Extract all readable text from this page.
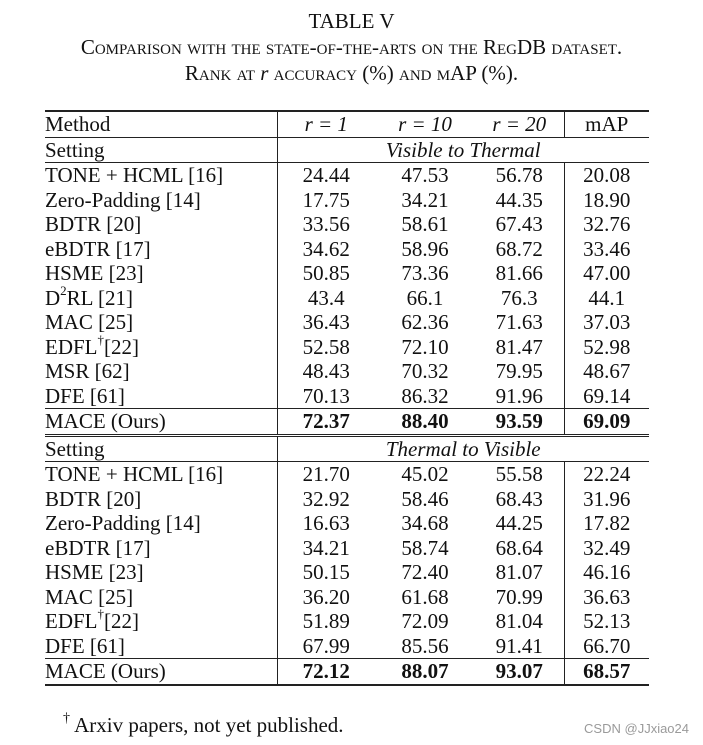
TABLE V
Comparison with the state-of-the-arts on the RegDB dataset.
Rank at r accuracy (%) and mAP (%).
Method	r = 1	r = 10	r = 20	mAP
Setting	Visible to Thermal			
TONE + HCML [16]	24.44	47.53	56.78	20.08
Zero-Padding [14]	17.75	34.21	44.35	18.90
BDTR [20]	33.56	58.61	67.43	32.76
eBDTR [17]	34.62	58.96	68.72	33.46
HSME [23]	50.85	73.36	81.66	47.00
$D^2RL$ [21]	43.4	66.1	76.3	44.1
MAC [25]	36.43	62.36	71.63	37.03
EDFL†[22]	52.58	72.10	81.47	52.98
MSR [62]	48.43	70.32	79.95	48.67
DFE [61]	70.13	86.32	91.96	69.14
MACE (Ours)	72.37	88.40	93.59	69.09
Setting	Thermal to Visible			
TONE + HCML [16]	21.70	45.02	55.58	22.24
BDTR [20]	32.92	58.46	68.43	31.96
Zero-Padding [14]	16.63	34.68	44.25	17.82
eBDTR [17]	34.21	58.74	68.64	32.49
HSME [23]	50.15	72.40	81.07	46.16
MAC [25]	36.20	61.68	70.99	36.63
EDFL†[22]	51.89	72.09	81.04	52.13
DFE [61]	67.99	85.56	91.41	66.70
MACE (Ours)	72.12	88.07	93.07	68.57
† Arxiv papers, not yet published.	CSDN @JJxiao24
